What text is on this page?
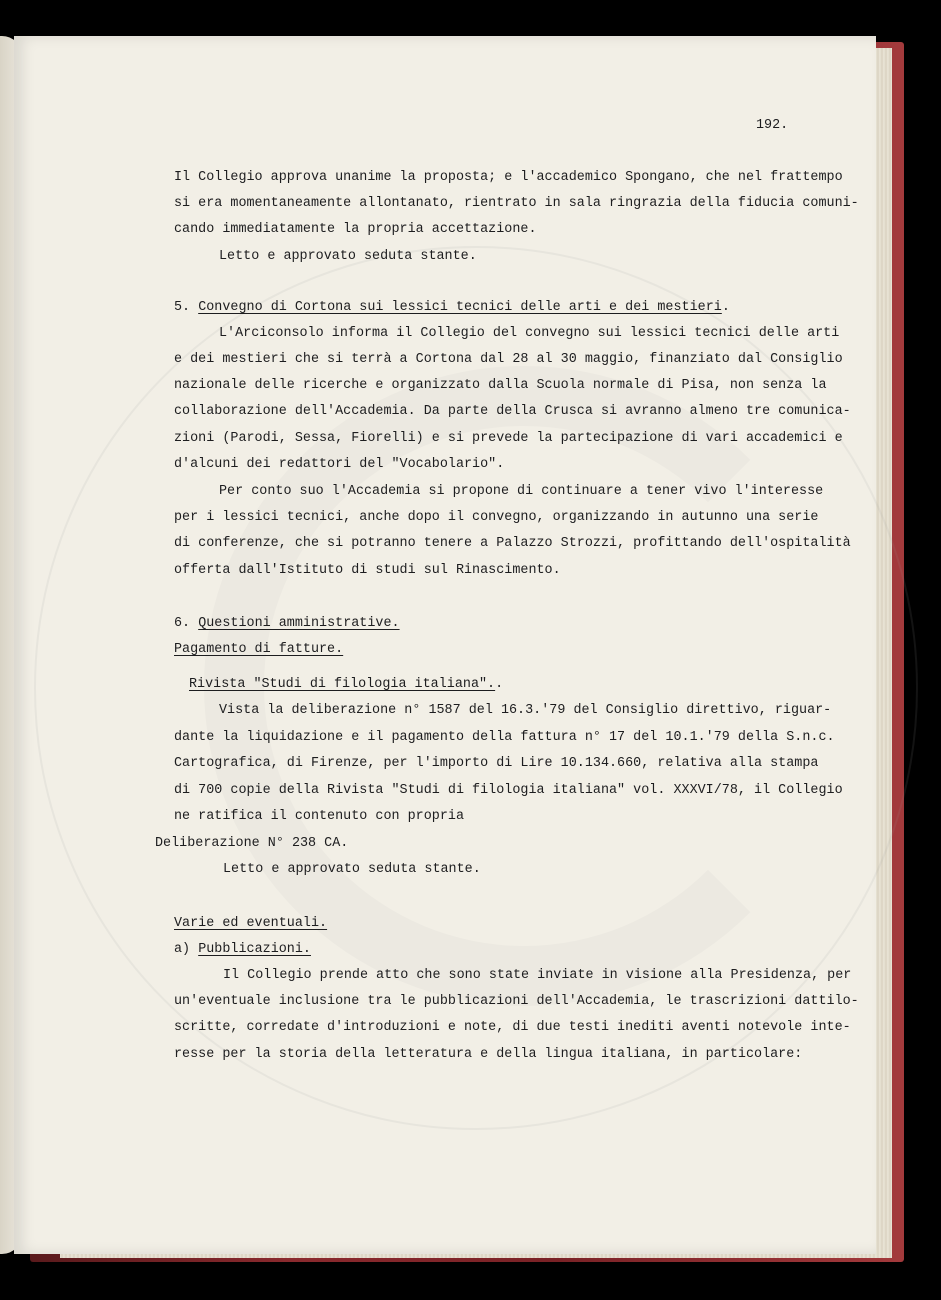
192.
Il Collegio approva unanime la proposta; e l'accademico Spongano, che nel frattempo
si era momentaneamente allontanato, rientrato in sala ringrazia della fiducia comuni-
cando immediatamente la propria accettazione.
Letto e approvato seduta stante.
5. Convegno di Cortona sui lessici tecnici delle arti e dei mestieri.
L'Arciconsolo informa il Collegio del convegno sui lessici tecnici delle arti
e dei mestieri che si terrà a Cortona dal 28 al 30 maggio, finanziato dal Consiglio
nazionale delle ricerche e organizzato dalla Scuola normale di Pisa, non senza la
collaborazione dell'Accademia. Da parte della Crusca si avranno almeno tre comunica-
zioni (Parodi, Sessa, Fiorelli) e si prevede la partecipazione di vari accademici e
d'alcuni dei redattori del "Vocabolario".
Per conto suo l'Accademia si propone di continuare a tener vivo l'interesse
per i lessici tecnici, anche dopo il convegno, organizzando in autunno una serie
di conferenze, che si potranno tenere a Palazzo Strozzi, profittando dell'ospitalità
offerta dall'Istituto di studi sul Rinascimento.
6. Questioni amministrative.
Pagamento di fatture.
Rivista "Studi di filologia italiana"..
Vista la deliberazione n° 1587 del 16.3.'79 del Consiglio direttivo, riguar-
dante la liquidazione e il pagamento della fattura n° 17 del 10.1.'79 della S.n.c.
Cartografica, di Firenze, per l'importo di Lire 10.134.660, relativa alla stampa
di 700 copie della Rivista "Studi di filologia italiana" vol. XXXVI/78, il Collegio
ne ratifica il contenuto con propria
Deliberazione N° 238 CA.
Letto e approvato seduta stante.
Varie ed eventuali.
a) Pubblicazioni.
Il Collegio prende atto che sono state inviate in visione alla Presidenza, per
un'eventuale inclusione tra le pubblicazioni dell'Accademia, le trascrizioni dattilo-
scritte, corredate d'introduzioni e note, di due testi inediti aventi notevole inte-
resse per la storia della letteratura e della lingua italiana, in particolare:
